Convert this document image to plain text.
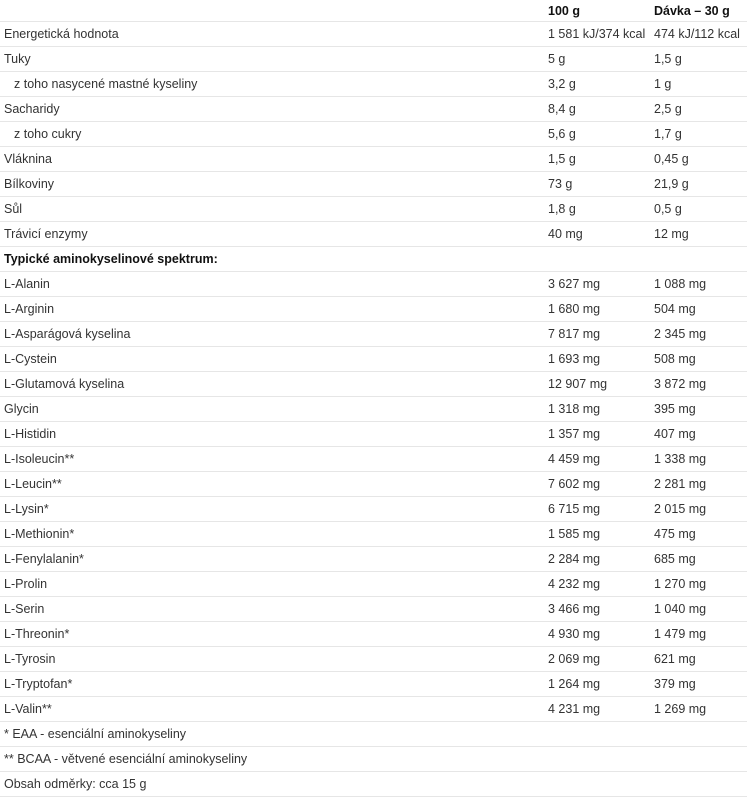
	100 g	Dávka – 30 g
Energetická hodnota	1 581 kJ/374 kcal	474 kJ/112 kcal
Tuky	5 g	1,5 g
z toho nasycené mastné kyseliny	3,2 g	1 g
Sacharidy	8,4 g	2,5 g
z toho cukry	5,6 g	1,7 g
Vláknina	1,5 g	0,45 g
Bílkoviny	73 g	21,9 g
Sůl	1,8 g	0,5 g
Trávicí enzymy	40 mg	12 mg
Typické aminokyselinové spektrum:		
L-Alanin	3 627 mg	1 088 mg
L-Arginin	1 680 mg	504 mg
L-Asparágová kyselina	7 817 mg	2 345 mg
L-Cystein	1 693 mg	508 mg
L-Glutamová kyselina	12 907 mg	3 872 mg
Glycin	1 318 mg	395 mg
L-Histidin	1 357 mg	407 mg
L-Isoleucin**	4 459 mg	1 338 mg
L-Leucin**	7 602 mg	2 281 mg
L-Lysin*	6 715 mg	2 015 mg
L-Methionin*	1 585 mg	475 mg
L-Fenylalanin*	2 284 mg	685 mg
L-Prolin	4 232 mg	1 270 mg
L-Serin	3 466 mg	1 040 mg
L-Threonin*	4 930 mg	1 479 mg
L-Tyrosin	2 069 mg	621 mg
L-Tryptofan*	1 264 mg	379 mg
L-Valin**	4 231 mg	1 269 mg
* EAA - esenciální aminokyseliny		
** BCAA - větvené esenciální aminokyseliny		
Obsah odměrky: cca 15 g		
